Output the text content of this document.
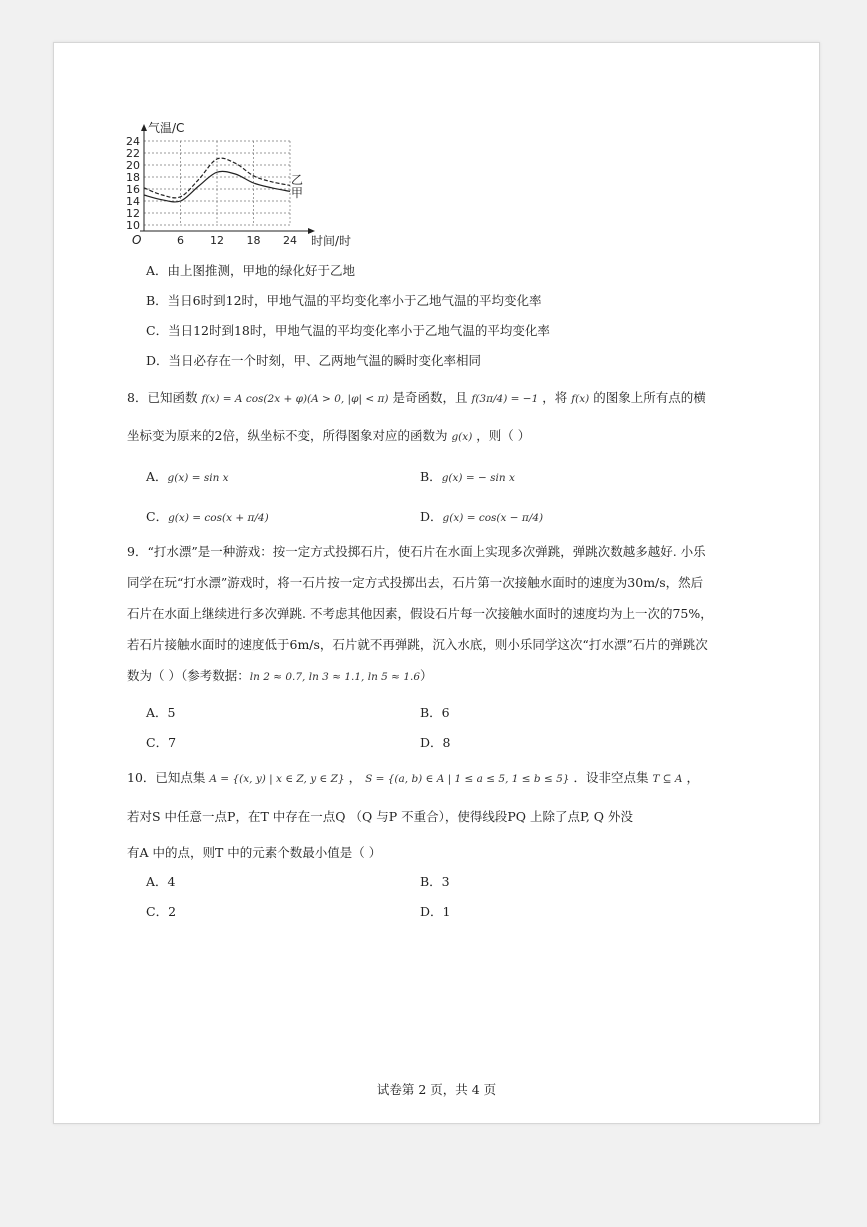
24
22
20
18
16
14
12
10
6 12 18 24
气温/C
时间/时
O
乙
甲
A．由上图推测，甲地的绿化好于乙地
B．当日6时到12时，甲地气温的平均变化率小于乙地气温的平均变化率
C．当日12时到18时，甲地气温的平均变化率小于乙地气温的平均变化率
D．当日必存在一个时刻，甲、乙两地气温的瞬时变化率相同
8．已知函数 f(x) = A cos(2x + φ)(A > 0, |φ| < π) 是奇函数，且 f(3π/4) = −1 ，将 f(x) 的图象上所有点的横
坐标变为原来的2倍，纵坐标不变，所得图象对应的函数为 g(x) ，则（ ）
A．g(x) = sin x	B．g(x) = − sin x
C．g(x) = cos(x + π/4)	D．g(x) = cos(x − π/4)
9．“打水漂”是一种游戏：按一定方式投掷石片，使石片在水面上实现多次弹跳，弹跳次数越多越好. 小乐
同学在玩“打水漂”游戏时，将一石片按一定方式投掷出去，石片第一次接触水面时的速度为30m/s，然后
石片在水面上继续进行多次弹跳. 不考虑其他因素，假设石片每一次接触水面时的速度均为上一次的75%，
若石片接触水面时的速度低于6m/s，石片就不再弹跳，沉入水底，则小乐同学这次“打水漂”石片的弹跳次
数为（ ）（参考数据：ln 2 ≈ 0.7, ln 3 ≈ 1.1, ln 5 ≈ 1.6）
A．5	B．6
C．7	D．8
10．已知点集 A = {(x, y) | x ∈ Z, y ∈ Z} ， S = {(a, b) ∈ A | 1 ≤ a ≤ 5, 1 ≤ b ≤ 5} ．设非空点集 T ⊆ A ，
若对S 中任意一点P，在T 中存在一点Q （Q 与P 不重合），使得线段PQ 上除了点P, Q 外没
有A 中的点，则T 中的元素个数最小值是（ ）
A．4	B．3
C．2	D．1
试卷第 2 页，共 4 页
